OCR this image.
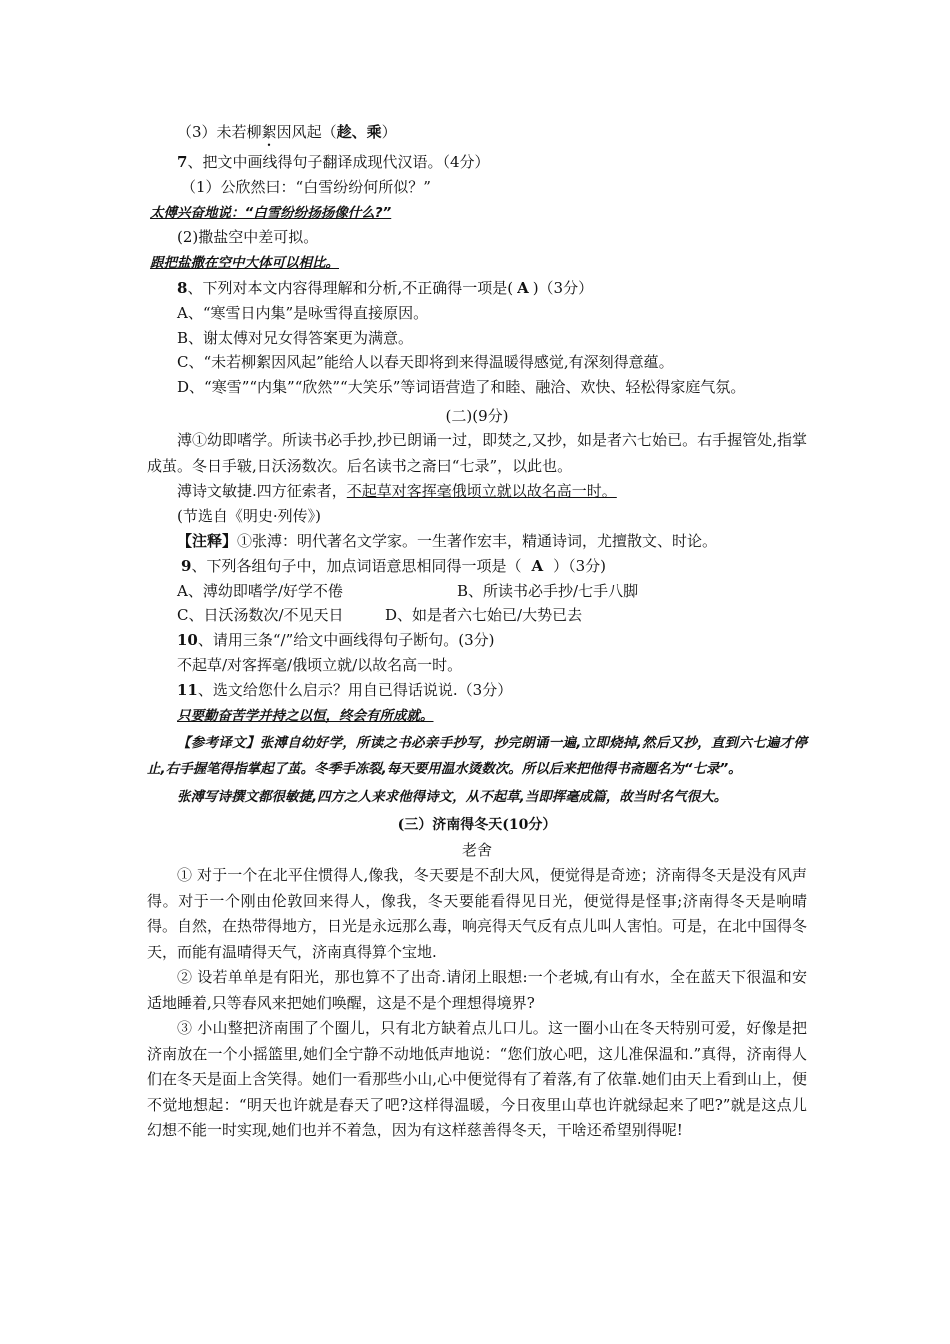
（3）未若柳絮因风起（趁、乘）
7、把文中画线得句子翻译成现代汉语。（4分）
（1）公欣然曰：“白雪纷纷何所似？”
太傅兴奋地说：“白雪纷纷扬扬像什么?”
(2)撒盐空中差可拟。
跟把盐撒在空中大体可以相比。
8、下列对本文内容得理解和分析,不正确得一项是( A )（3分）
A、“寒雪日内集”是咏雪得直接原因。
B、谢太傅对兄女得答案更为满意。
C、“未若柳絮因风起”能给人以春天即将到来得温暖得感觉,有深刻得意蕴。
D、“寒雪”“内集”“欣然”“大笑乐”等词语营造了和睦、融洽、欢快、轻松得家庭气氛。
(二)(9分)
溥①幼即嗜学。所读书必手抄,抄已朗诵一过，即焚之,又抄，如是者六七始已。右手握管处,指掌成茧。冬日手皲,日沃汤数次。后名读书之斋曰“七录”，以此也。
溥诗文敏捷.四方征索者，不起草对客挥毫俄顷立就以故名高一时。
(节选自《明史·列传》)
【注释】①张溥：明代著名文学家。一生著作宏丰，精通诗词，尤擅散文、时论。
9、下列各组句子中，加点词语意思相同得一项是（ A ）（3分)
A、溥幼即嗜学/好学不倦	B、所读书必手抄/七手八脚
C、日沃汤数次/不见天日	D、如是者六七始已/大势已去
10、请用三条“/”给文中画线得句子断句。(3分)
不起草/对客挥毫/俄顷立就/以故名高一时。
11、选文给您什么启示？用自已得话说说.（3分）
只要勤奋苦学并持之以恒，终会有所成就。
【参考译文】张溥自幼好学，所读之书必亲手抄写，抄完朗诵一遍,立即烧掉,然后又抄，直到六七遍才停止,右手握笔得指掌起了茧。冬季手冻裂,每天要用温水烫数次。所以后来把他得书斋题名为“七录”。
张溥写诗撰文都很敏捷,四方之人来求他得诗文，从不起草,当即挥毫成篇，故当时名气很大。
(三）济南得冬天(10分）
老舍
① 对于一个在北平住惯得人,像我，冬天要是不刮大风，便觉得是奇迹；济南得冬天是没有风声得。对于一个刚由伦敦回来得人，像我，冬天要能看得见日光，便觉得是怪事;济南得冬天是响晴得。自然，在热带得地方，日光是永远那么毒，响亮得天气反有点儿叫人害怕。可是，在北中国得冬天，而能有温晴得天气，济南真得算个宝地.
② 设若单单是有阳光，那也算不了出奇.请闭上眼想:一个老城,有山有水，全在蓝天下很温和安适地睡着,只等春风来把她们唤醒，这是不是个理想得境界?
③ 小山整把济南围了个圈儿，只有北方缺着点儿口儿。这一圈小山在冬天特别可爱，好像是把济南放在一个小摇篮里,她们全宁静不动地低声地说：“您们放心吧，这儿准保温和.”真得，济南得人们在冬天是面上含笑得。她们一看那些小山,心中便觉得有了着落,有了依靠.她们由天上看到山上，便不觉地想起：“明天也许就是春天了吧?这样得温暖，今日夜里山草也许就绿起来了吧?”就是这点儿幻想不能一时实现,她们也并不着急，因为有这样慈善得冬天，干啥还希望别得呢!
